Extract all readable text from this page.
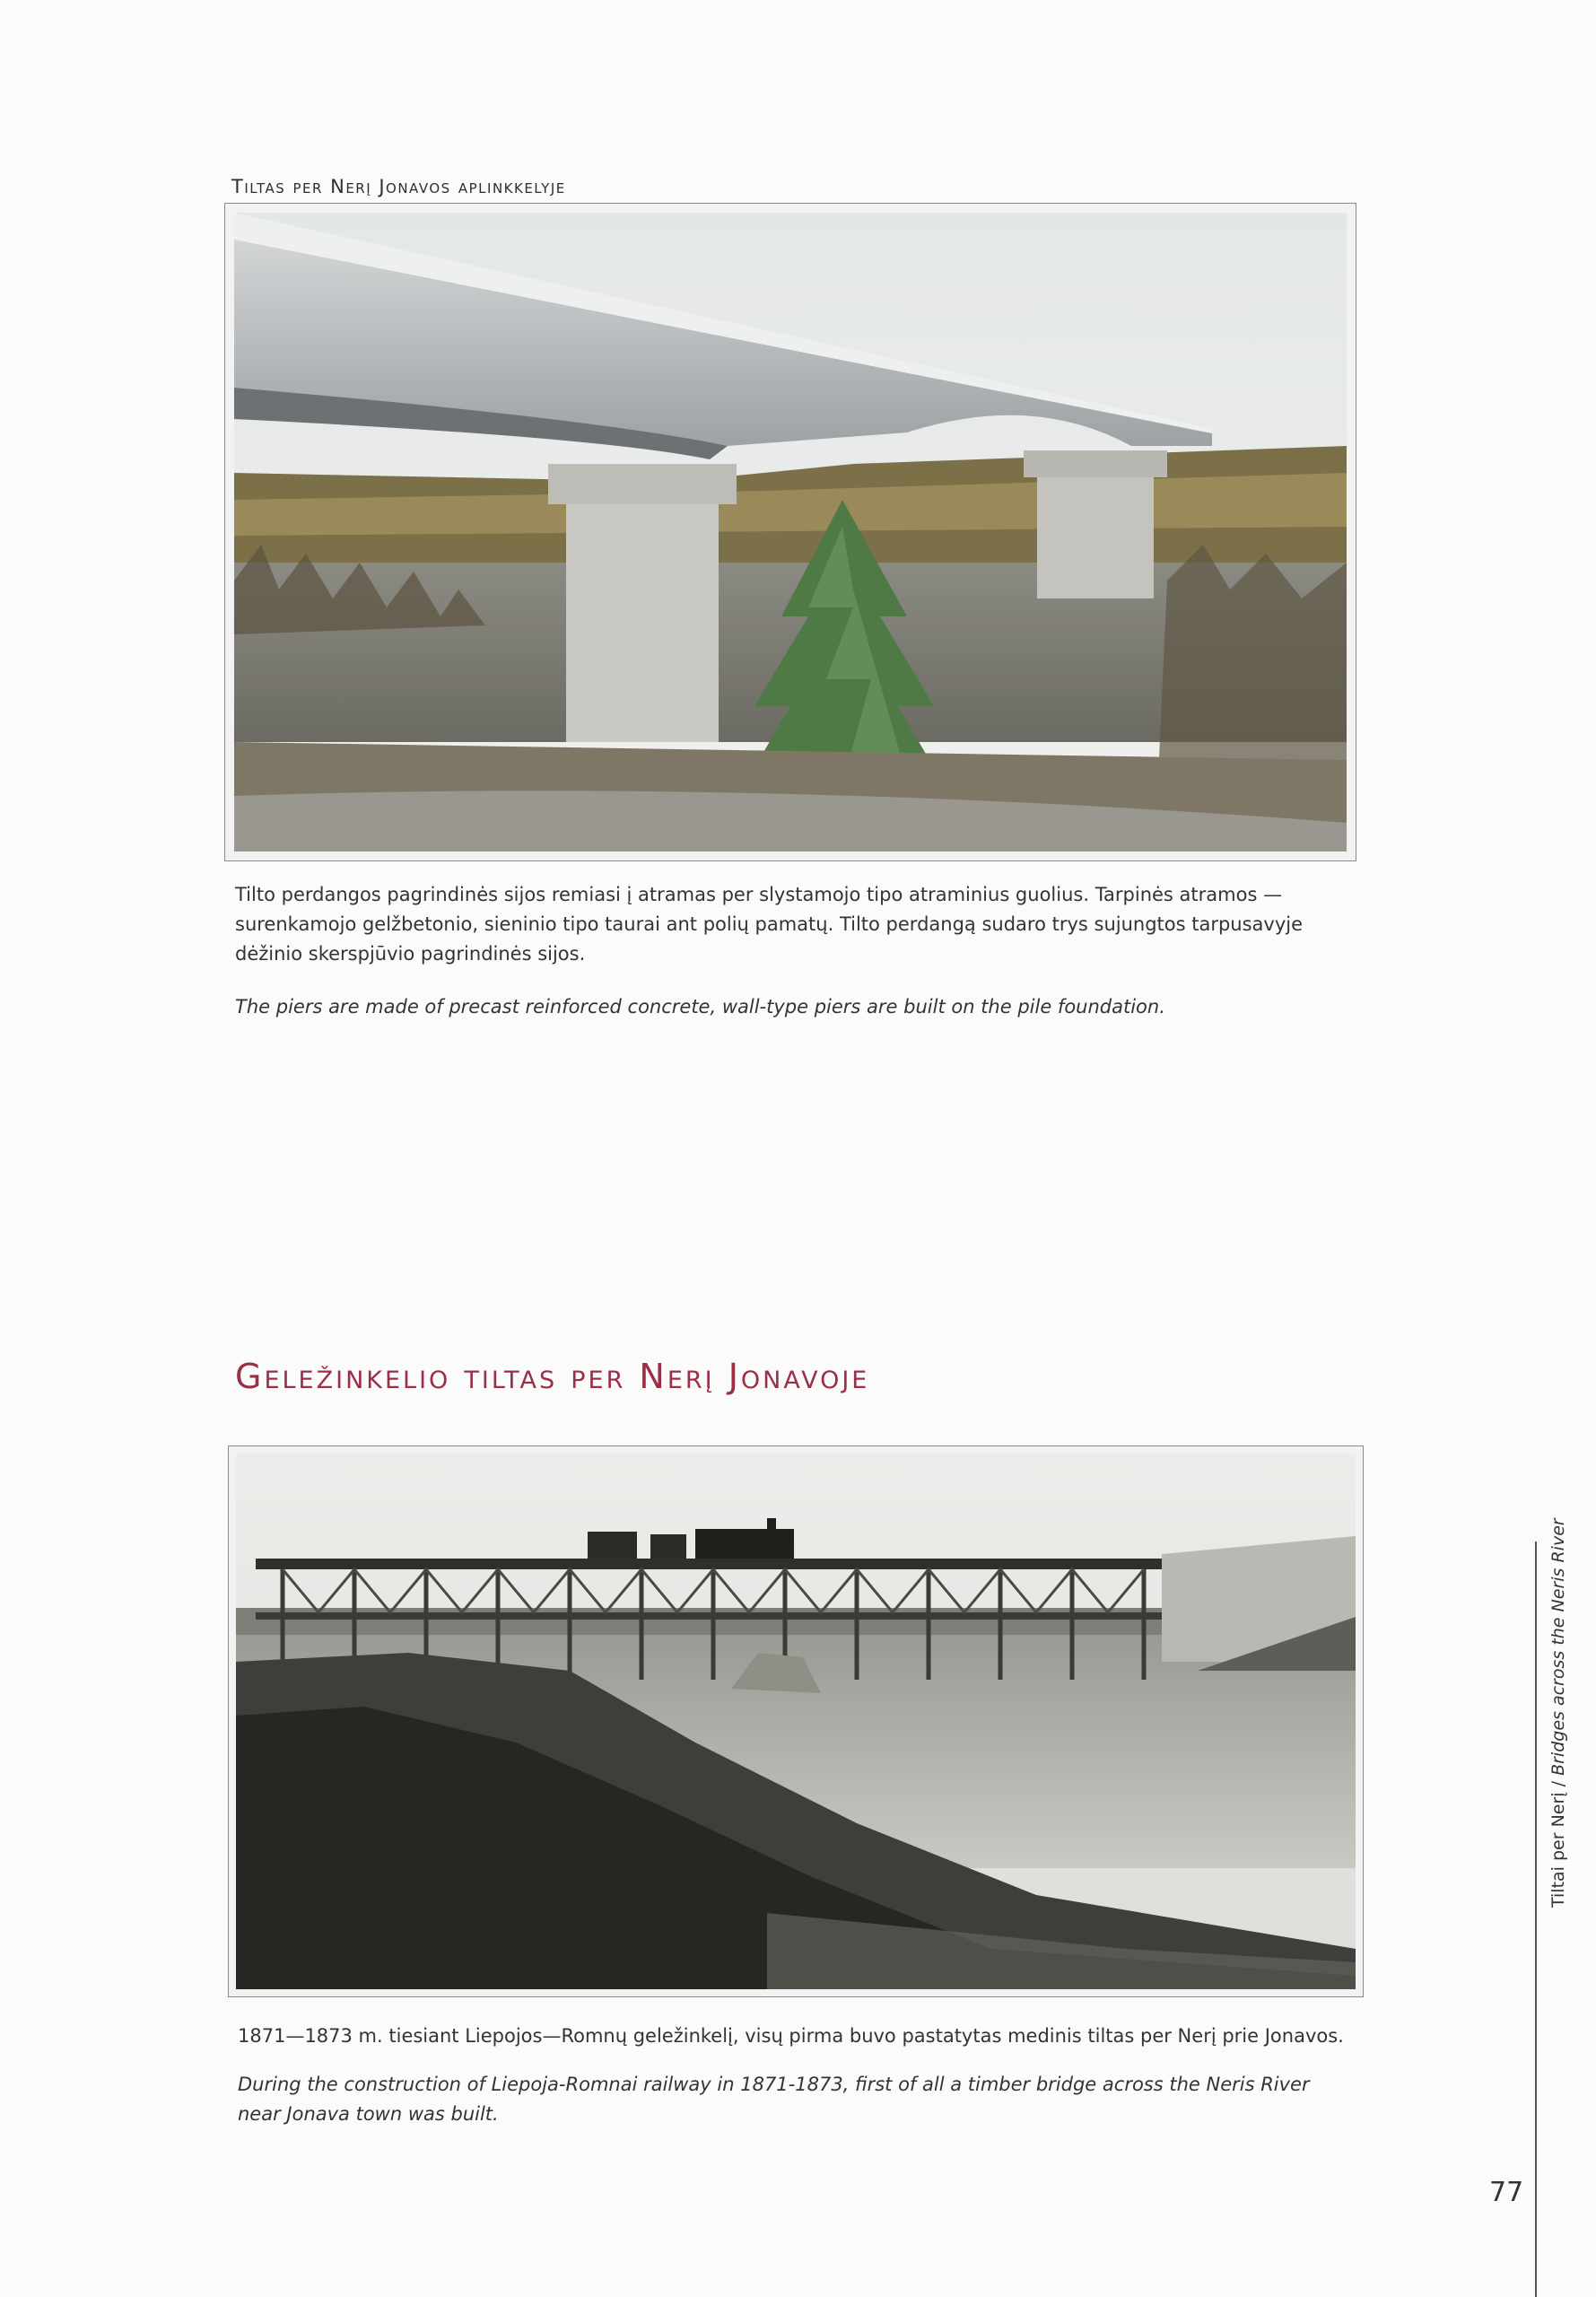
Tiltas per Nerį Jonavos aplinkkelyje
Tilto perdangos pagrindinės sijos remiasi į atramas per slystamojo tipo atraminius guolius. Tarpinės atramos — surenkamojo gelžbetonio, sieninio tipo taurai ant polių pamatų. Tilto perdangą sudaro trys sujungtos tarpusavyje dėžinio skerspjūvio pagrindinės sijos.
The piers are made of precast reinforced concrete, wall-type piers are built on the pile foundation.
Geležinkelio tiltas per Nerį Jonavoje
1871—1873 m. tiesiant Liepojos—Romnų geležinkelį, visų pirma buvo pastatytas medinis tiltas per Nerį prie Jonavos.
During the construction of Liepoja-Romnai railway in 1871-1873, first of all a timber bridge across the Neris River near Jonava town was built.
Tiltai per Nerį / Bridges across the Neris River
77
